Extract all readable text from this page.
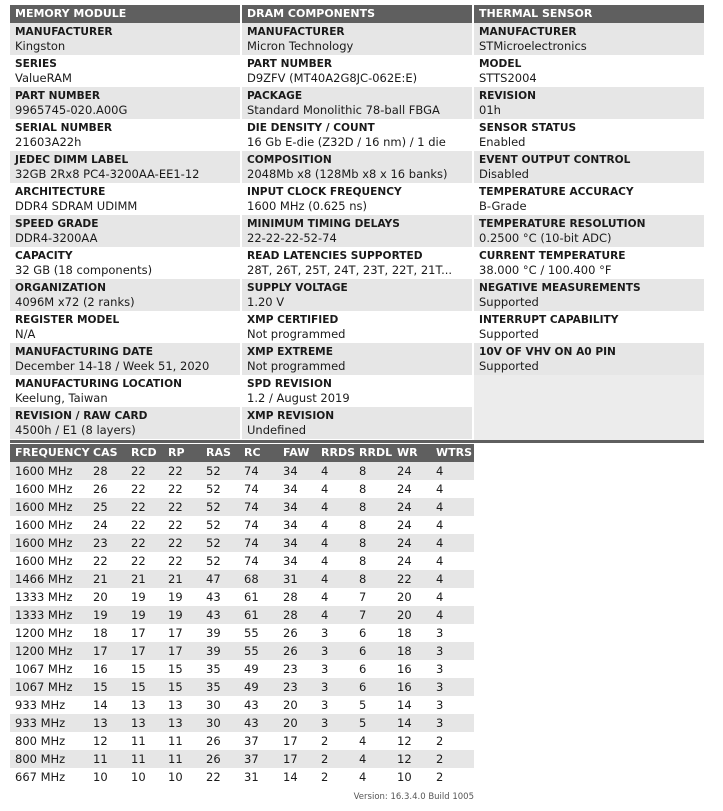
MEMORY MODULE
MANUFACTURER
Kingston
SERIES
ValueRAM
PART NUMBER
9965745-020.A00G
SERIAL NUMBER
21603A22h
JEDEC DIMM LABEL
32GB 2Rx8 PC4-3200AA-EE1-12
ARCHITECTURE
DDR4 SDRAM UDIMM
SPEED GRADE
DDR4-3200AA
CAPACITY
32 GB (18 components)
ORGANIZATION
4096M x72 (2 ranks)
REGISTER MODEL
N/A
MANUFACTURING DATE
December 14-18 / Week 51, 2020
MANUFACTURING LOCATION
Keelung, Taiwan
REVISION / RAW CARD
4500h / E1 (8 layers)
DRAM COMPONENTS
MANUFACTURER
Micron Technology
PART NUMBER
D9ZFV (MT40A2G8JC-062E:E)
PACKAGE
Standard Monolithic 78-ball FBGA
DIE DENSITY / COUNT
16 Gb E-die (Z32D / 16 nm) / 1 die
COMPOSITION
2048Mb x8 (128Mb x8 x 16 banks)
INPUT CLOCK FREQUENCY
1600 MHz (0.625 ns)
MINIMUM TIMING DELAYS
22-22-22-52-74
READ LATENCIES SUPPORTED
28T, 26T, 25T, 24T, 23T, 22T, 21T...
SUPPLY VOLTAGE
1.20 V
XMP CERTIFIED
Not programmed
XMP EXTREME
Not programmed
SPD REVISION
1.2 / August 2019
XMP REVISION
Undefined
THERMAL SENSOR
MANUFACTURER
STMicroelectronics
MODEL
STTS2004
REVISION
01h
SENSOR STATUS
Enabled
EVENT OUTPUT CONTROL
Disabled
TEMPERATURE ACCURACY
B-Grade
TEMPERATURE RESOLUTION
0.2500 °C (10-bit ADC)
CURRENT TEMPERATURE
38.000 °C / 100.400 °F
NEGATIVE MEASUREMENTS
Supported
INTERRUPT CAPABILITY
Supported
10V OF VHV ON A0 PIN
Supported
FREQUENCY CAS RCD RP RAS RC FAW RRDS RRDL WR WTRS
1600 MHz 28 22 22 52 74 34 4	8	24 4
1600 MHz 26 22 22 52 74 34 4	8	24 4
1600 MHz 25 22 22 52 74 34 4	8	24 4
1600 MHz 24 22 22 52 74 34 4	8	24 4
1600 MHz 23 22 22 52 74 34 4	8	24 4
1600 MHz 22 22 22 52 74 34 4	8	24 4
1466 MHz 21 21 21 47 68 31 4	8	22 4
1333 MHz 20 19 19 43 61 28 4	7	20 4
1333 MHz 19 19 19 43 61 28 4	7	20 4
1200 MHz 18 17 17 39 55 26 3	6	18 3
1200 MHz 17 17 17 39 55 26 3	6	18 3
1067 MHz 16 15 15 35 49 23 3	6	16 3
1067 MHz 15 15 15 35 49 23 3	6	16 3
933 MHz 14 13 13 30 43 20 3	5	14 3
933 MHz 13 13 13 30 43 20 3	5	14 3
800 MHz 12 11 11 26 37 17 2	4	12 2
800 MHz 11 11 11 26 37 17 2	4	12 2
667 MHz 10 10 10 22 31 14 2	4	10 2
Version: 16.3.4.0 Build 1005
